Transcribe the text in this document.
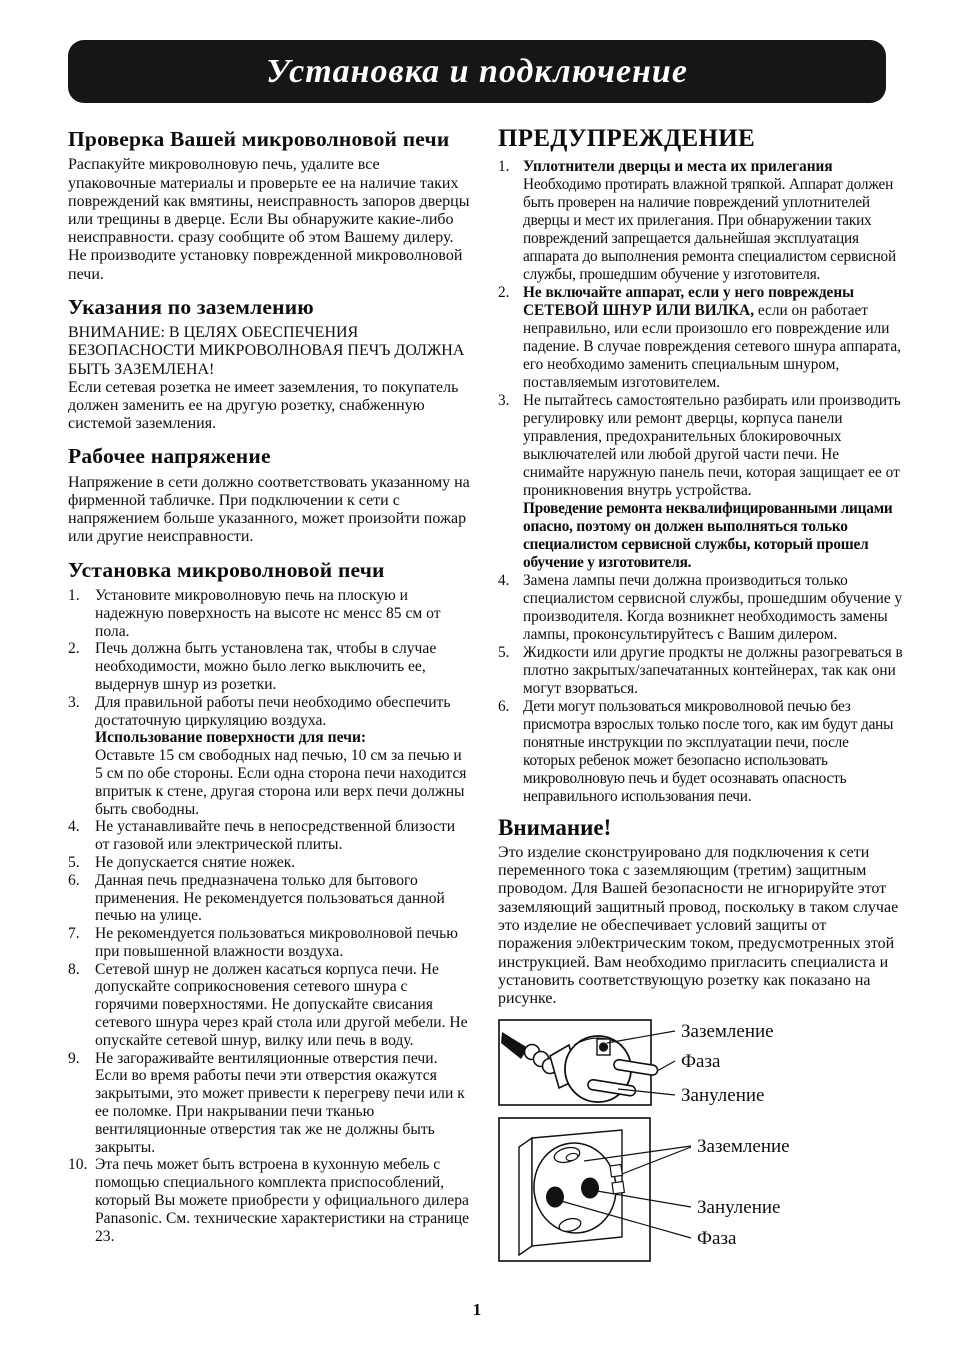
Установка и подключение
Проверка Вашей микроволновой печи

Распакуйте микроволновую печь, удалите все упаковочные материалы и проверьте ее на наличие таких повреждений как вмятины, неисправность запоров дверцы или трещины в дверце. Если Вы обнаружите какие-либо неисправности. сразу сообщите об этом Вашему дилеру. Не производите установку поврежденной микроволновой печи.

Указания по заземлению

ВНИМАНИЕ: В ЦЕЛЯХ ОБЕСПЕЧЕНИЯ БЕЗОПАСНОСТИ МИКРОВОЛНОВАЯ ПЕЧЪ ДОЛЖНА БЫТЬ ЗАЗЕМЛЕНА!

Если сетевая розетка не имеет заземления, то покупатель должен заменить ее на другую розетку, снабженную системой заземления.

Рабочее напряжение

Напряжение в сети должно соответствовать указанному на фирменной табличке. При подключении к сети с напряжением больше указанного, может произойти пожар или другие неисправности.

Установка микроволновой печи
Установите микроволновую печь на плоскую и надежную поверхность на высоте нс менсс 85 см от пола.
Печь должна быть установлена так, чтобы в случае необходимости, можно было легко выключить ее, выдернув шнур из розетки.
Для правильной работы печи необходимо обеспечить достаточную циркуляцию воздуха.
Использование поверхности для печи:
Оставьте 15 см свободных над печью, 10 см за печью и 5 см по обе стороны. Если одна сторона печи находится впритык к стене, другая сторона или верх печи должны быть свободны.
Не устанавливайте печь в непосредственной близости от газовой или электрической плиты.
Не допускается снятие ножек.
Данная печь предназначена только для бытового применения. Не рекомендуется пользоваться данной печью на улице.
Не рекомендуется пользоваться микроволновой печью при повышенной влажности воздуха.
Сетевой шнур не должен касаться корпуса печи. Не допускайте соприкосновения сетевого шнура с горячими поверхностями. Не допускайте свисания сетевого шнура через край стола или другой мебели. Не опускайте сетевой шнур, вилку или печь в воду.
Не загораживайте вентиляционные отверстия печи. Если во время работы печи эти отверстия окажутся закрытыми, это может привести к перегреву печи или к ее поломке. При накрывании печи тканью вентиляционные отверстия так же не должны быть закрыты.
Эта печь может быть встроена в кухонную мебель с помощью специального комплекта приспособлений, который Вы можете приобрести у официального дилера Panasonic. См. технические характеристики на странице 23.
ПРЕДУПРЕЖДЕНИЕ
Уплотнители дверцы и места их прилегания
Необходимо протирать влажной тряпкой. Аппарат должен быть проверен на наличие повреждений уплотнителей дверцы и мест их прилегания. При обнаружении таких повреждений запрещается дальнейшая эксплуатация аппарата до выполнения ремонта специалистом сервисной службы, прошедшим обучение у изготовителя.
Не включайте аппарат, если у него повреждены СЕТЕВОЙ ШНУР ИЛИ ВИЛКА, если он работает неправильно, или если произошло его повреждение или падение. В случае повреждения сетевого шнура аппарата, его необходимо заменить специальным шнуром, поставляемым изготовителем.
Не пытайтесь самостоятельно разбирать или производить регулировку или ремонт дверцы, корпуса панели управления, предохранительных блокировочных выключателей или любой другой части печи. Не снимайте наружную панель печи, которая защищает ее от проникновения внутрь устройства.
Проведение ремонта неквалифицированными лицами опасно, поэтому он должен выполняться только специалистом сервисной службы, который прошел обучение у изготовителя.
Замена лампы печи должна производиться только специалистом сервисной службы, прошедшим обучение у производителя. Когда возникнет необходимость замены лампы, проконсультируйтесъ с Вашим дилером.
Жидкости или другие продкты не должны разогреваться в плотно закрытых/запечатанных контейнерах, так как они могут взорваться.
Дети могут пользоваться микроволновой печью без присмотра взрослых только после того, как им будут даны понятные инструкции по эксплуатации печи, после которых ребенок может безопасно использовать микроволновую печь и будет осознавать опасность неправильного использования печи.
Внимание!

Это изделие сконструировано для подключения к сети переменного тока с заземляющим (третим) защитным проводом. Для Вашей безопасности не игнорируйте этот заземляющий защитный провод, поскольку в таком случае это изделие не обеспечивает условий защиты от поражения эл0ектрическим током, предусмотренных зтой инструкцией. Вам необходимо пригласить специалиста и установить соответствующую розетку как показано на рисунке.

Заземление
Фаза
Зануление
Заземление
Зануление
Фаза
1
